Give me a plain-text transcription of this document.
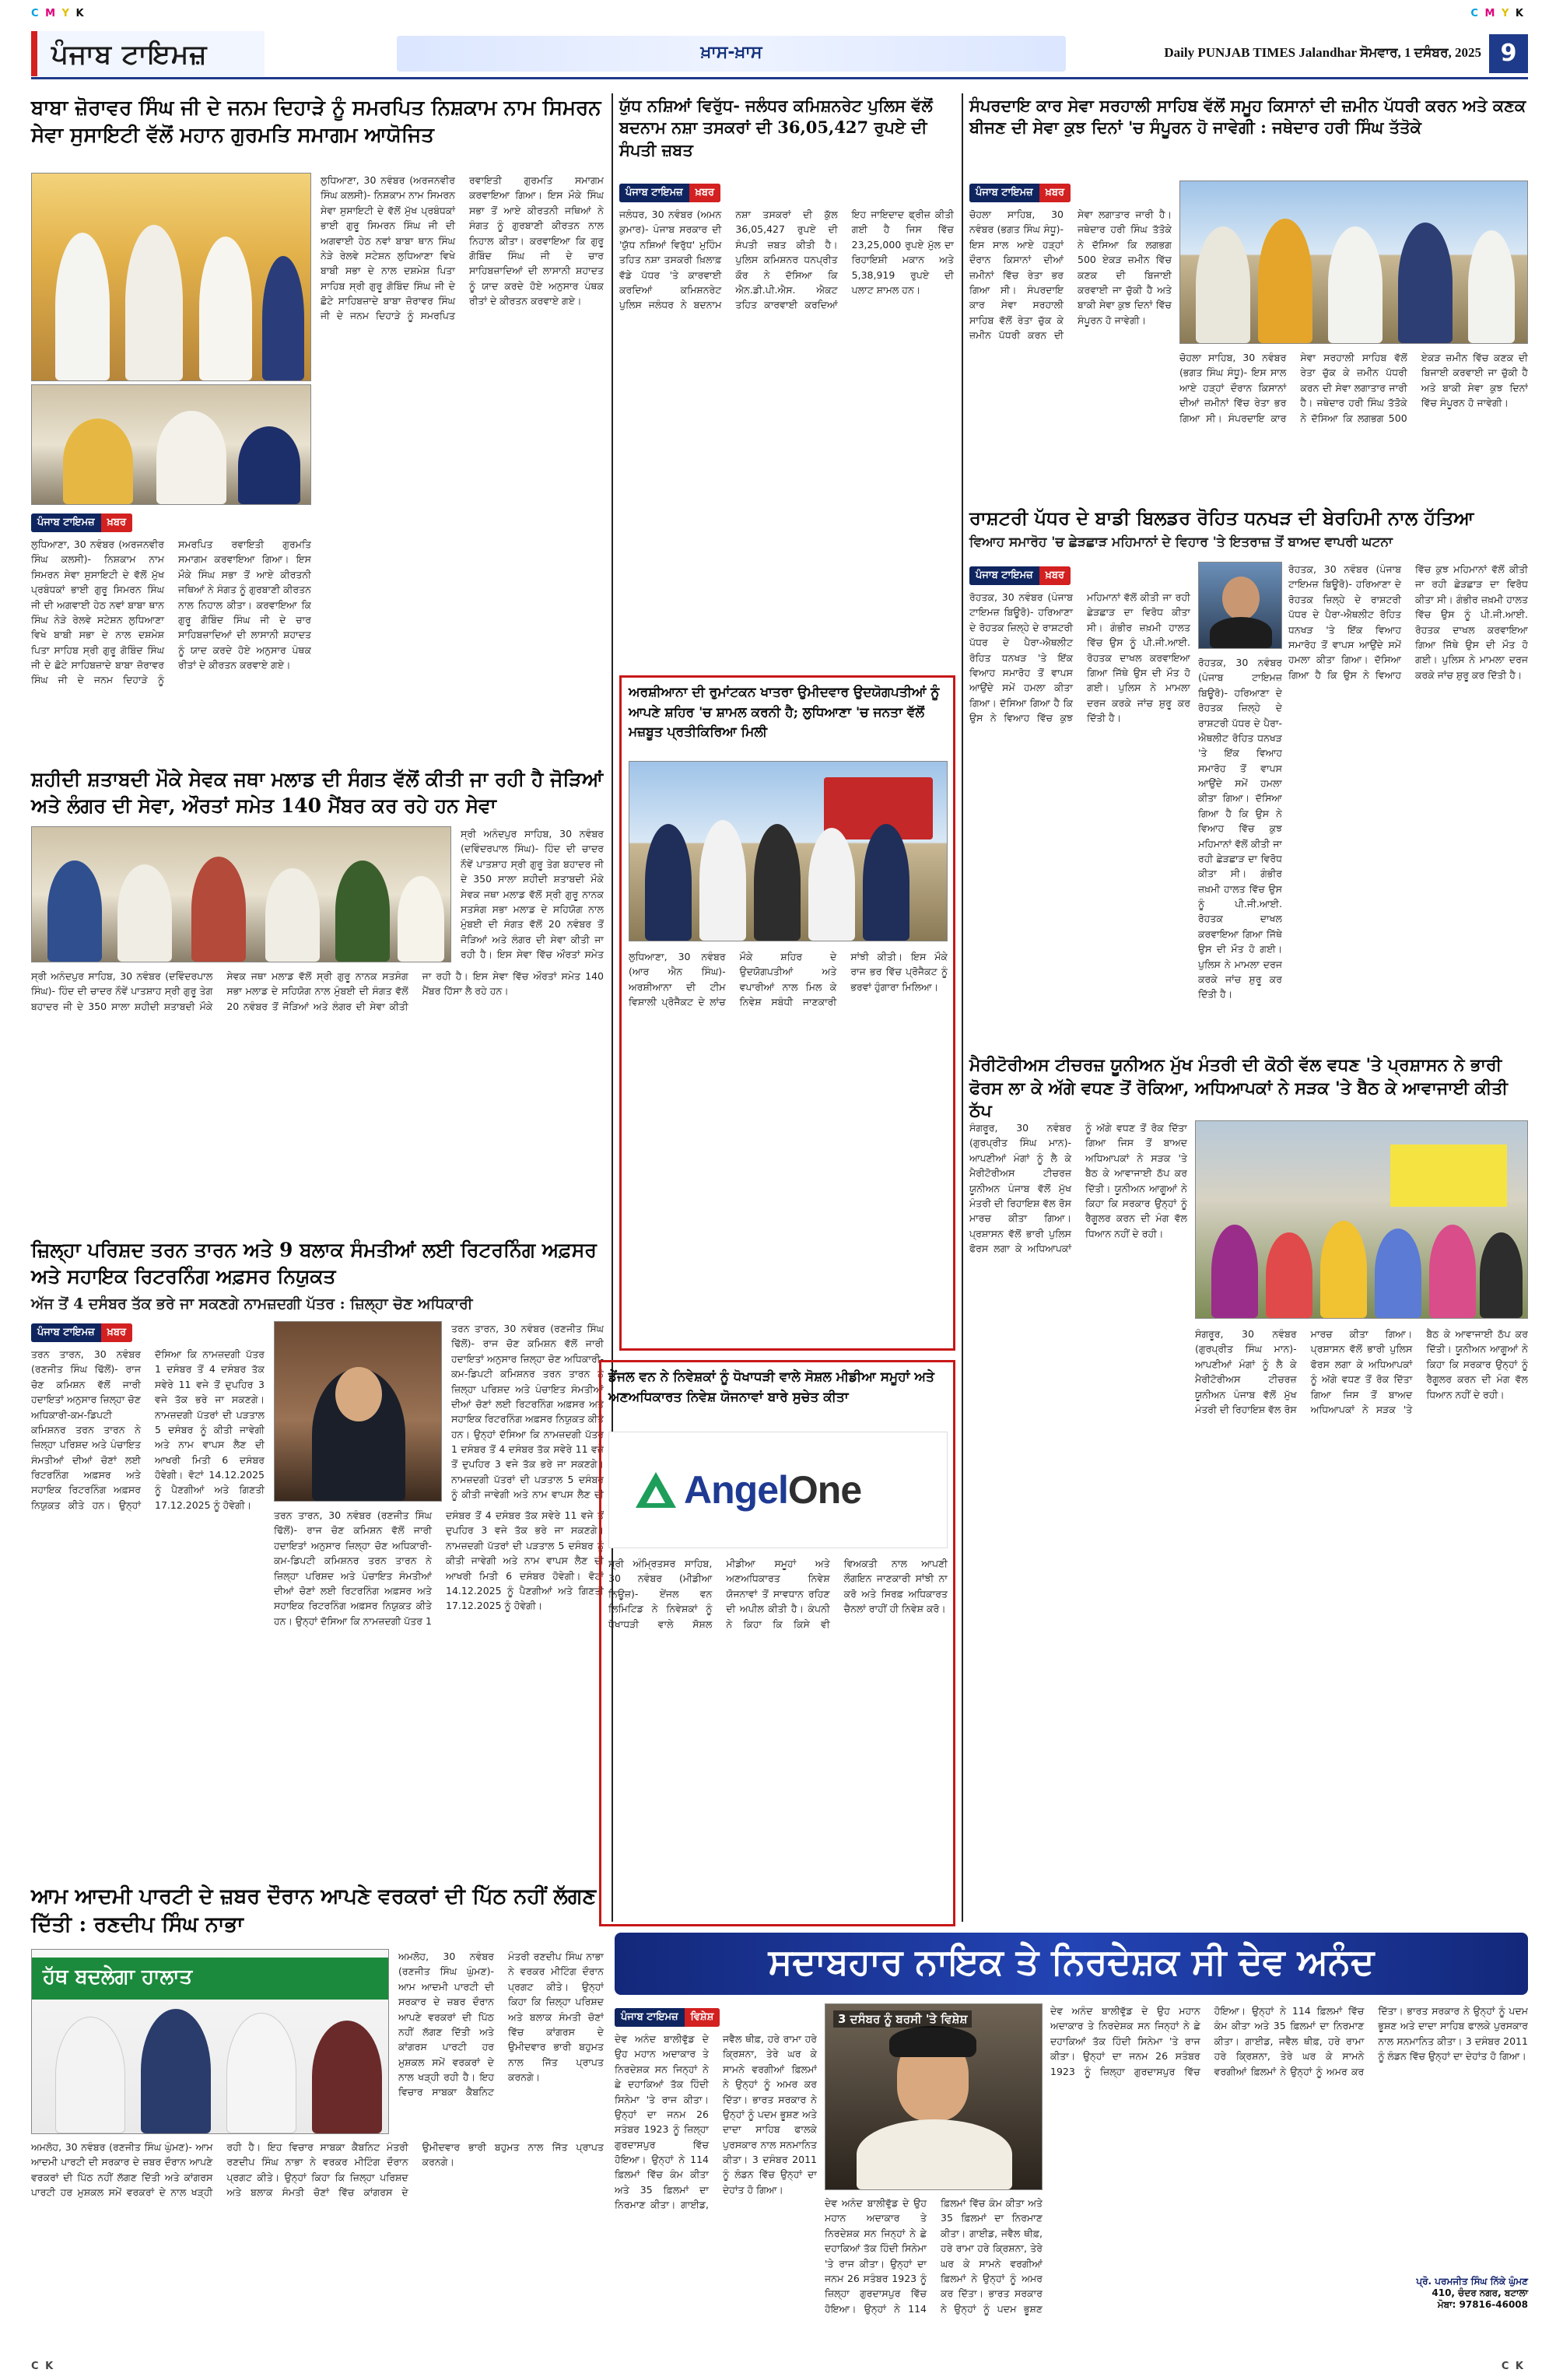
C M Y K	C M Y K
C K	C K
ਪੰਜਾਬ ਟਾਇਮਜ਼	ਖ਼ਾਸ-ਖ਼ਾਸ	Daily PUNJAB TIMES Jalandhar ਸੋਮਵਾਰ, 1 ਦਸੰਬਰ, 2025 9
ਬਾਬਾ ਜ਼ੋਰਾਵਰ ਸਿੰਘ ਜੀ ਦੇ ਜਨਮ ਦਿਹਾੜੇ ਨੂੰ ਸਮਰਪਿਤ ਨਿਸ਼ਕਾਮ ਨਾਮ ਸਿਮਰਨ ਸੇਵਾ ਸੁਸਾਇਟੀ ਵੱਲੋਂ ਮਹਾਨ ਗੁਰਮਤਿ ਸਮਾਗਮ ਆਯੋਜਿਤ
ਪੰਜਾਬ ਟਾਇਮਜ਼	ਖ਼ਬਰ
ਲੁਧਿਆਣਾ, 30 ਨਵੰਬਰ (ਅਰਜਨਵੀਰ ਸਿੰਘ ਕਲਸੀ)- ਨਿਸ਼ਕਾਮ ਨਾਮ ਸਿਮਰਨ ਸੇਵਾ ਸੁਸਾਇਟੀ ਦੇ ਵੱਲੋਂ ਮੁੱਖ ਪ੍ਰਬੰਧਕਾਂ ਭਾਈ ਗੁਰੂ ਸਿਮਰਨ ਸਿੰਘ ਜੀ ਦੀ ਅਗਵਾਈ ਹੇਠ ਨਵਾਂ ਬਾਬਾ ਥਾਨ ਸਿੰਘ ਨੇੜੇ ਰੇਲਵੇ ਸਟੇਸ਼ਨ ਲੁਧਿਆਣਾ ਵਿਖੇ ਬਾਬੀ ਸਭਾ ਦੇ ਨਾਲ ਦਸ਼ਮੇਸ਼ ਪਿਤਾ ਸਾਹਿਬ ਸ੍ਰੀ ਗੁਰੂ ਗੋਬਿੰਦ ਸਿੰਘ ਜੀ ਦੇ ਛੋਟੇ ਸਾਹਿਬਜ਼ਾਦੇ ਬਾਬਾ ਜ਼ੋਰਾਵਰ ਸਿੰਘ ਜੀ ਦੇ ਜਨਮ ਦਿਹਾੜੇ ਨੂੰ ਸਮਰਪਿਤ ਰਵਾਇਤੀ ਗੁਰਮਤਿ ਸਮਾਗਮ ਕਰਵਾਇਆ ਗਿਆ। ਇਸ ਮੌਕੇ ਸਿੰਘ ਸਭਾ ਤੋਂ ਆਏ ਕੀਰਤਨੀ ਜਥਿਆਂ ਨੇ ਸੰਗਤ ਨੂੰ ਗੁਰਬਾਣੀ ਕੀਰਤਨ ਨਾਲ ਨਿਹਾਲ ਕੀਤਾ। ਕਰਵਾਇਆ ਕਿ ਗੁਰੂ ਗੋਬਿੰਦ ਸਿੰਘ ਜੀ ਦੇ ਚਾਰ ਸਾਹਿਬਜ਼ਾਦਿਆਂ ਦੀ ਲਾਸਾਨੀ ਸ਼ਹਾਦਤ ਨੂੰ ਯਾਦ ਕਰਦੇ ਹੋਏ ਅਨੁਸਾਰ ਪੰਥਕ ਰੀਤਾਂ ਦੇ ਕੀਰਤਨ ਕਰਵਾਏ ਗਏ।
ਲੁਧਿਆਣਾ, 30 ਨਵੰਬਰ (ਅਰਜਨਵੀਰ ਸਿੰਘ ਕਲਸੀ)- ਨਿਸ਼ਕਾਮ ਨਾਮ ਸਿਮਰਨ ਸੇਵਾ ਸੁਸਾਇਟੀ ਦੇ ਵੱਲੋਂ ਮੁੱਖ ਪ੍ਰਬੰਧਕਾਂ ਭਾਈ ਗੁਰੂ ਸਿਮਰਨ ਸਿੰਘ ਜੀ ਦੀ ਅਗਵਾਈ ਹੇਠ ਨਵਾਂ ਬਾਬਾ ਥਾਨ ਸਿੰਘ ਨੇੜੇ ਰੇਲਵੇ ਸਟੇਸ਼ਨ ਲੁਧਿਆਣਾ ਵਿਖੇ ਬਾਬੀ ਸਭਾ ਦੇ ਨਾਲ ਦਸ਼ਮੇਸ਼ ਪਿਤਾ ਸਾਹਿਬ ਸ੍ਰੀ ਗੁਰੂ ਗੋਬਿੰਦ ਸਿੰਘ ਜੀ ਦੇ ਛੋਟੇ ਸਾਹਿਬਜ਼ਾਦੇ ਬਾਬਾ ਜ਼ੋਰਾਵਰ ਸਿੰਘ ਜੀ ਦੇ ਜਨਮ ਦਿਹਾੜੇ ਨੂੰ ਸਮਰਪਿਤ ਰਵਾਇਤੀ ਗੁਰਮਤਿ ਸਮਾਗਮ ਕਰਵਾਇਆ ਗਿਆ। ਇਸ ਮੌਕੇ ਸਿੰਘ ਸਭਾ ਤੋਂ ਆਏ ਕੀਰਤਨੀ ਜਥਿਆਂ ਨੇ ਸੰਗਤ ਨੂੰ ਗੁਰਬਾਣੀ ਕੀਰਤਨ ਨਾਲ ਨਿਹਾਲ ਕੀਤਾ। ਕਰਵਾਇਆ ਕਿ ਗੁਰੂ ਗੋਬਿੰਦ ਸਿੰਘ ਜੀ ਦੇ ਚਾਰ ਸਾਹਿਬਜ਼ਾਦਿਆਂ ਦੀ ਲਾਸਾਨੀ ਸ਼ਹਾਦਤ ਨੂੰ ਯਾਦ ਕਰਦੇ ਹੋਏ ਅਨੁਸਾਰ ਪੰਥਕ ਰੀਤਾਂ ਦੇ ਕੀਰਤਨ ਕਰਵਾਏ ਗਏ।
ਸ਼ਹੀਦੀ ਸ਼ਤਾਬਦੀ ਮੌਕੇ ਸੇਵਕ ਜਥਾ ਮਲਾਡ ਦੀ ਸੰਗਤ ਵੱਲੋਂ ਕੀਤੀ ਜਾ ਰਹੀ ਹੈ ਜੋੜਿਆਂ ਅਤੇ ਲੰਗਰ ਦੀ ਸੇਵਾ, ਔਰਤਾਂ ਸਮੇਤ 140 ਮੈਂਬਰ ਕਰ ਰਹੇ ਹਨ ਸੇਵਾ
ਸ੍ਰੀ ਅਨੰਦਪੁਰ ਸਾਹਿਬ, 30 ਨਵੰਬਰ (ਦਵਿੰਦਰਪਾਲ ਸਿੰਘ)- ਹਿੰਦ ਦੀ ਚਾਦਰ ਨੌਵੇਂ ਪਾਤਸ਼ਾਹ ਸ੍ਰੀ ਗੁਰੂ ਤੇਗ ਬਹਾਦਰ ਜੀ ਦੇ 350 ਸਾਲਾ ਸ਼ਹੀਦੀ ਸ਼ਤਾਬਦੀ ਮੌਕੇ ਸੇਵਕ ਜਥਾ ਮਲਾਡ ਵੱਲੋਂ ਸ੍ਰੀ ਗੁਰੂ ਨਾਨਕ ਸਤਸੰਗ ਸਭਾ ਮਲਾਡ ਦੇ ਸਹਿਯੋਗ ਨਾਲ ਮੁੰਬਈ ਦੀ ਸੰਗਤ ਵੱਲੋਂ 20 ਨਵੰਬਰ ਤੋਂ ਜੋੜਿਆਂ ਅਤੇ ਲੰਗਰ ਦੀ ਸੇਵਾ ਕੀਤੀ ਜਾ ਰਹੀ ਹੈ। ਇਸ ਸੇਵਾ ਵਿੱਚ ਔਰਤਾਂ ਸਮੇਤ
ਸ੍ਰੀ ਅਨੰਦਪੁਰ ਸਾਹਿਬ, 30 ਨਵੰਬਰ (ਦਵਿੰਦਰਪਾਲ ਸਿੰਘ)- ਹਿੰਦ ਦੀ ਚਾਦਰ ਨੌਵੇਂ ਪਾਤਸ਼ਾਹ ਸ੍ਰੀ ਗੁਰੂ ਤੇਗ ਬਹਾਦਰ ਜੀ ਦੇ 350 ਸਾਲਾ ਸ਼ਹੀਦੀ ਸ਼ਤਾਬਦੀ ਮੌਕੇ ਸੇਵਕ ਜਥਾ ਮਲਾਡ ਵੱਲੋਂ ਸ੍ਰੀ ਗੁਰੂ ਨਾਨਕ ਸਤਸੰਗ ਸਭਾ ਮਲਾਡ ਦੇ ਸਹਿਯੋਗ ਨਾਲ ਮੁੰਬਈ ਦੀ ਸੰਗਤ ਵੱਲੋਂ 20 ਨਵੰਬਰ ਤੋਂ ਜੋੜਿਆਂ ਅਤੇ ਲੰਗਰ ਦੀ ਸੇਵਾ ਕੀਤੀ ਜਾ ਰਹੀ ਹੈ। ਇਸ ਸੇਵਾ ਵਿੱਚ ਔਰਤਾਂ ਸਮੇਤ 140 ਮੈਂਬਰ ਹਿੱਸਾ ਲੈ ਰਹੇ ਹਨ।
ਜ਼ਿਲ੍ਹਾ ਪਰਿਸ਼ਦ ਤਰਨ ਤਾਰਨ ਅਤੇ 9 ਬਲਾਕ ਸੰਮਤੀਆਂ ਲਈ ਰਿਟਰਨਿੰਗ ਅਫ਼ਸਰ ਅਤੇ ਸਹਾਇਕ ਰਿਟਰਨਿੰਗ ਅਫ਼ਸਰ ਨਿਯੁਕਤ
ਅੱਜ ਤੋਂ 4 ਦਸੰਬਰ ਤੱਕ ਭਰੇ ਜਾ ਸਕਣਗੇ ਨਾਮਜ਼ਦਗੀ ਪੱਤਰ : ਜ਼ਿਲ੍ਹਾ ਚੋਣ ਅਧਿਕਾਰੀ
ਪੰਜਾਬ ਟਾਇਮਜ਼	ਖ਼ਬਰ
ਤਰਨ ਤਾਰਨ, 30 ਨਵੰਬਰ (ਰਣਜੀਤ ਸਿੰਘ ਢਿੱਲੋਂ)- ਰਾਜ ਚੋਣ ਕਮਿਸ਼ਨ ਵੱਲੋਂ ਜਾਰੀ ਹਦਾਇਤਾਂ ਅਨੁਸਾਰ ਜ਼ਿਲ੍ਹਾ ਚੋਣ ਅਧਿਕਾਰੀ-ਕਮ-ਡਿਪਟੀ ਕਮਿਸ਼ਨਰ ਤਰਨ ਤਾਰਨ ਨੇ ਜ਼ਿਲ੍ਹਾ ਪਰਿਸ਼ਦ ਅਤੇ ਪੰਚਾਇਤ ਸੰਮਤੀਆਂ ਦੀਆਂ ਚੋਣਾਂ ਲਈ ਰਿਟਰਨਿੰਗ ਅਫ਼ਸਰ ਅਤੇ ਸਹਾਇਕ ਰਿਟਰਨਿੰਗ ਅਫ਼ਸਰ ਨਿਯੁਕਤ ਕੀਤੇ ਹਨ। ਉਨ੍ਹਾਂ ਦੱਸਿਆ ਕਿ ਨਾਮਜ਼ਦਗੀ ਪੱਤਰ 1 ਦਸੰਬਰ ਤੋਂ 4 ਦਸੰਬਰ ਤੱਕ ਸਵੇਰੇ 11 ਵਜੇ ਤੋਂ ਦੁਪਹਿਰ 3 ਵਜੇ ਤੱਕ ਭਰੇ ਜਾ ਸਕਣਗੇ। ਨਾਮਜ਼ਦਗੀ ਪੱਤਰਾਂ ਦੀ ਪੜਤਾਲ 5 ਦਸੰਬਰ ਨੂੰ ਕੀਤੀ ਜਾਵੇਗੀ ਅਤੇ ਨਾਮ ਵਾਪਸ ਲੈਣ ਦੀ ਆਖਰੀ ਮਿਤੀ 6 ਦਸੰਬਰ ਹੋਵੇਗੀ। ਵੋਟਾਂ 14.12.2025 ਨੂੰ ਪੈਣਗੀਆਂ ਅਤੇ ਗਿਣਤੀ 17.12.2025 ਨੂੰ ਹੋਵੇਗੀ।
ਤਰਨ ਤਾਰਨ, 30 ਨਵੰਬਰ (ਰਣਜੀਤ ਸਿੰਘ ਢਿੱਲੋਂ)- ਰਾਜ ਚੋਣ ਕਮਿਸ਼ਨ ਵੱਲੋਂ ਜਾਰੀ ਹਦਾਇਤਾਂ ਅਨੁਸਾਰ ਜ਼ਿਲ੍ਹਾ ਚੋਣ ਅਧਿਕਾਰੀ-ਕਮ-ਡਿਪਟੀ ਕਮਿਸ਼ਨਰ ਤਰਨ ਤਾਰਨ ਨੇ ਜ਼ਿਲ੍ਹਾ ਪਰਿਸ਼ਦ ਅਤੇ ਪੰਚਾਇਤ ਸੰਮਤੀਆਂ ਦੀਆਂ ਚੋਣਾਂ ਲਈ ਰਿਟਰਨਿੰਗ ਅਫ਼ਸਰ ਅਤੇ ਸਹਾਇਕ ਰਿਟਰਨਿੰਗ ਅਫ਼ਸਰ ਨਿਯੁਕਤ ਕੀਤੇ ਹਨ। ਉਨ੍ਹਾਂ ਦੱਸਿਆ ਕਿ ਨਾਮਜ਼ਦਗੀ ਪੱਤਰ 1 ਦਸੰਬਰ ਤੋਂ 4 ਦਸੰਬਰ ਤੱਕ ਸਵੇਰੇ 11 ਵਜੇ ਤੋਂ ਦੁਪਹਿਰ 3 ਵਜੇ ਤੱਕ ਭਰੇ ਜਾ ਸਕਣਗੇ। ਨਾਮਜ਼ਦਗੀ ਪੱਤਰਾਂ ਦੀ ਪੜਤਾਲ 5 ਦਸੰਬਰ ਨੂੰ ਕੀਤੀ ਜਾਵੇਗੀ ਅਤੇ ਨਾਮ ਵਾਪਸ ਲੈਣ ਦੀ
ਤਰਨ ਤਾਰਨ, 30 ਨਵੰਬਰ (ਰਣਜੀਤ ਸਿੰਘ ਢਿੱਲੋਂ)- ਰਾਜ ਚੋਣ ਕਮਿਸ਼ਨ ਵੱਲੋਂ ਜਾਰੀ ਹਦਾਇਤਾਂ ਅਨੁਸਾਰ ਜ਼ਿਲ੍ਹਾ ਚੋਣ ਅਧਿਕਾਰੀ-ਕਮ-ਡਿਪਟੀ ਕਮਿਸ਼ਨਰ ਤਰਨ ਤਾਰਨ ਨੇ ਜ਼ਿਲ੍ਹਾ ਪਰਿਸ਼ਦ ਅਤੇ ਪੰਚਾਇਤ ਸੰਮਤੀਆਂ ਦੀਆਂ ਚੋਣਾਂ ਲਈ ਰਿਟਰਨਿੰਗ ਅਫ਼ਸਰ ਅਤੇ ਸਹਾਇਕ ਰਿਟਰਨਿੰਗ ਅਫ਼ਸਰ ਨਿਯੁਕਤ ਕੀਤੇ ਹਨ। ਉਨ੍ਹਾਂ ਦੱਸਿਆ ਕਿ ਨਾਮਜ਼ਦਗੀ ਪੱਤਰ 1 ਦਸੰਬਰ ਤੋਂ 4 ਦਸੰਬਰ ਤੱਕ ਸਵੇਰੇ 11 ਵਜੇ ਤੋਂ ਦੁਪਹਿਰ 3 ਵਜੇ ਤੱਕ ਭਰੇ ਜਾ ਸਕਣਗੇ। ਨਾਮਜ਼ਦਗੀ ਪੱਤਰਾਂ ਦੀ ਪੜਤਾਲ 5 ਦਸੰਬਰ ਨੂੰ ਕੀਤੀ ਜਾਵੇਗੀ ਅਤੇ ਨਾਮ ਵਾਪਸ ਲੈਣ ਦੀ ਆਖਰੀ ਮਿਤੀ 6 ਦਸੰਬਰ ਹੋਵੇਗੀ। ਵੋਟਾਂ 14.12.2025 ਨੂੰ ਪੈਣਗੀਆਂ ਅਤੇ ਗਿਣਤੀ 17.12.2025 ਨੂੰ ਹੋਵੇਗੀ।
ਆਮ ਆਦਮੀ ਪਾਰਟੀ ਦੇ ਜ਼ਬਰ ਦੌਰਾਨ ਆਪਣੇ ਵਰਕਰਾਂ ਦੀ ਪਿੱਠ ਨਹੀਂ ਲੱਗਣ ਦਿੱਤੀ : ਰਣਦੀਪ ਸਿੰਘ ਨਾਭਾ
ਹੱਥ ਬਦਲੇਗਾ ਹਾਲਾਤ
ਅਮਲੋਹ, 30 ਨਵੰਬਰ (ਰਣਜੀਤ ਸਿੰਘ ਘੁੰਮਣ)- ਆਮ ਆਦਮੀ ਪਾਰਟੀ ਦੀ ਸਰਕਾਰ ਦੇ ਜ਼ਬਰ ਦੌਰਾਨ ਆਪਣੇ ਵਰਕਰਾਂ ਦੀ ਪਿੱਠ ਨਹੀਂ ਲੱਗਣ ਦਿੱਤੀ ਅਤੇ ਕਾਂਗਰਸ ਪਾਰਟੀ ਹਰ ਮੁਸ਼ਕਲ ਸਮੇਂ ਵਰਕਰਾਂ ਦੇ ਨਾਲ ਖੜ੍ਹੀ ਰਹੀ ਹੈ। ਇਹ ਵਿਚਾਰ ਸਾਬਕਾ ਕੈਬਨਿਟ ਮੰਤਰੀ ਰਣਦੀਪ ਸਿੰਘ ਨਾਭਾ ਨੇ ਵਰਕਰ ਮੀਟਿੰਗ ਦੌਰਾਨ ਪ੍ਰਗਟ ਕੀਤੇ। ਉਨ੍ਹਾਂ ਕਿਹਾ ਕਿ ਜ਼ਿਲ੍ਹਾ ਪਰਿਸ਼ਦ ਅਤੇ ਬਲਾਕ ਸੰਮਤੀ ਚੋਣਾਂ ਵਿੱਚ ਕਾਂਗਰਸ ਦੇ ਉਮੀਦਵਾਰ ਭਾਰੀ ਬਹੁਮਤ ਨਾਲ ਜਿੱਤ ਪ੍ਰਾਪਤ ਕਰਨਗੇ।
ਅਮਲੋਹ, 30 ਨਵੰਬਰ (ਰਣਜੀਤ ਸਿੰਘ ਘੁੰਮਣ)- ਆਮ ਆਦਮੀ ਪਾਰਟੀ ਦੀ ਸਰਕਾਰ ਦੇ ਜ਼ਬਰ ਦੌਰਾਨ ਆਪਣੇ ਵਰਕਰਾਂ ਦੀ ਪਿੱਠ ਨਹੀਂ ਲੱਗਣ ਦਿੱਤੀ ਅਤੇ ਕਾਂਗਰਸ ਪਾਰਟੀ ਹਰ ਮੁਸ਼ਕਲ ਸਮੇਂ ਵਰਕਰਾਂ ਦੇ ਨਾਲ ਖੜ੍ਹੀ ਰਹੀ ਹੈ। ਇਹ ਵਿਚਾਰ ਸਾਬਕਾ ਕੈਬਨਿਟ ਮੰਤਰੀ ਰਣਦੀਪ ਸਿੰਘ ਨਾਭਾ ਨੇ ਵਰਕਰ ਮੀਟਿੰਗ ਦੌਰਾਨ ਪ੍ਰਗਟ ਕੀਤੇ। ਉਨ੍ਹਾਂ ਕਿਹਾ ਕਿ ਜ਼ਿਲ੍ਹਾ ਪਰਿਸ਼ਦ ਅਤੇ ਬਲਾਕ ਸੰਮਤੀ ਚੋਣਾਂ ਵਿੱਚ ਕਾਂਗਰਸ ਦੇ ਉਮੀਦਵਾਰ ਭਾਰੀ ਬਹੁਮਤ ਨਾਲ ਜਿੱਤ ਪ੍ਰਾਪਤ ਕਰਨਗੇ।
ਯੁੱਧ ਨਸ਼ਿਆਂ ਵਿਰੁੱਧ- ਜਲੰਧਰ ਕਮਿਸ਼ਨਰੇਟ ਪੁਲਿਸ ਵੱਲੋਂ ਬਦਨਾਮ ਨਸ਼ਾ ਤਸਕਰਾਂ ਦੀ 36,05,427 ਰੁਪਏ ਦੀ ਸੰਪਤੀ ਜ਼ਬਤ
ਪੰਜਾਬ ਟਾਇਮਜ਼	ਖ਼ਬਰ
ਜਲੰਧਰ, 30 ਨਵੰਬਰ (ਅਮਨ ਕੁਮਾਰ)- ਪੰਜਾਬ ਸਰਕਾਰ ਦੀ 'ਯੁੱਧ ਨਸ਼ਿਆਂ ਵਿਰੁੱਧ' ਮੁਹਿੰਮ ਤਹਿਤ ਨਸ਼ਾ ਤਸਕਰੀ ਖ਼ਿਲਾਫ਼ ਵੱਡੇ ਪੱਧਰ 'ਤੇ ਕਾਰਵਾਈ ਕਰਦਿਆਂ ਕਮਿਸ਼ਨਰੇਟ ਪੁਲਿਸ ਜਲੰਧਰ ਨੇ ਬਦਨਾਮ ਨਸ਼ਾ ਤਸਕਰਾਂ ਦੀ ਕੁੱਲ 36,05,427 ਰੁਪਏ ਦੀ ਸੰਪਤੀ ਜ਼ਬਤ ਕੀਤੀ ਹੈ। ਪੁਲਿਸ ਕਮਿਸ਼ਨਰ ਧਨਪ੍ਰੀਤ ਕੌਰ ਨੇ ਦੱਸਿਆ ਕਿ ਐਨ.ਡੀ.ਪੀ.ਐਸ. ਐਕਟ ਤਹਿਤ ਕਾਰਵਾਈ ਕਰਦਿਆਂ ਇਹ ਜਾਇਦਾਦ ਫ੍ਰੀਜ਼ ਕੀਤੀ ਗਈ ਹੈ ਜਿਸ ਵਿੱਚ 23,25,000 ਰੁਪਏ ਮੁੱਲ ਦਾ ਰਿਹਾਇਸ਼ੀ ਮਕਾਨ ਅਤੇ 5,38,919 ਰੁਪਏ ਦੀ ਪਲਾਟ ਸ਼ਾਮਲ ਹਨ।
ਅਰਸ਼ੀਆਨਾ ਦੀ ਰੁਮਾਂਟਕਨ ਖਾਤਰਾ ਉਮੀਦਵਾਰ ਉਦਯੋਗਪਤੀਆਂ ਨੂੰ ਆਪਣੇ ਸ਼ਹਿਰ 'ਚ ਸ਼ਾਮਲ ਕਰਨੀ ਹੈ; ਲੁਧਿਆਣਾ 'ਚ ਜਨਤਾ ਵੱਲੋਂ ਮਜ਼ਬੂਤ ਪ੍ਰਤੀਕਿਰਿਆ ਮਿਲੀ
ਲੁਧਿਆਣਾ, 30 ਨਵੰਬਰ (ਆਰ ਐਨ ਸਿੰਘ)- ਅਰਸ਼ੀਆਨਾ ਦੀ ਟੀਮ ਵਿਸ਼ਾਲੀ ਪ੍ਰੋਜੈਕਟ ਦੇ ਲਾਂਚ ਮੌਕੇ ਸ਼ਹਿਰ ਦੇ ਉਦਯੋਗਪਤੀਆਂ ਅਤੇ ਵਪਾਰੀਆਂ ਨਾਲ ਮਿਲ ਕੇ ਨਿਵੇਸ਼ ਸਬੰਧੀ ਜਾਣਕਾਰੀ ਸਾਂਝੀ ਕੀਤੀ। ਇਸ ਮੌਕੇ ਰਾਜ ਭਰ ਵਿੱਚ ਪ੍ਰੋਜੈਕਟ ਨੂੰ ਭਰਵਾਂ ਹੁੰਗਾਰਾ ਮਿਲਿਆ।
ਡੇਂਜਲ ਵਨ ਨੇ ਨਿਵੇਸ਼ਕਾਂ ਨੂੰ ਧੋਖਾਧੜੀ ਵਾਲੇ ਸੋਸ਼ਲ ਮੀਡੀਆ ਸਮੂਹਾਂ ਅਤੇ ਅਣਅਧਿਕਾਰਤ ਨਿਵੇਸ਼ ਯੋਜਨਾਵਾਂ ਬਾਰੇ ਸੁਚੇਤ ਕੀਤਾ
AngelOne
ਸ੍ਰੀ ਅੰਮ੍ਰਿਤਸਰ ਸਾਹਿਬ, 30 ਨਵੰਬਰ (ਮੀਡੀਆ ਨਿਊਜ਼)- ਏਂਜਲ ਵਨ ਲਿਮਿਟਿਡ ਨੇ ਨਿਵੇਸ਼ਕਾਂ ਨੂੰ ਧੋਖਾਧੜੀ ਵਾਲੇ ਸੋਸ਼ਲ ਮੀਡੀਆ ਸਮੂਹਾਂ ਅਤੇ ਅਣਅਧਿਕਾਰਤ ਨਿਵੇਸ਼ ਯੋਜਨਾਵਾਂ ਤੋਂ ਸਾਵਧਾਨ ਰਹਿਣ ਦੀ ਅਪੀਲ ਕੀਤੀ ਹੈ। ਕੰਪਨੀ ਨੇ ਕਿਹਾ ਕਿ ਕਿਸੇ ਵੀ ਵਿਅਕਤੀ ਨਾਲ ਆਪਣੀ ਲੌਗਇਨ ਜਾਣਕਾਰੀ ਸਾਂਝੀ ਨਾ ਕਰੋ ਅਤੇ ਸਿਰਫ਼ ਅਧਿਕਾਰਤ ਚੈਨਲਾਂ ਰਾਹੀਂ ਹੀ ਨਿਵੇਸ਼ ਕਰੋ।
ਸੰਪਰਦਾਇ ਕਾਰ ਸੇਵਾ ਸਰਹਾਲੀ ਸਾਹਿਬ ਵੱਲੋਂ ਸਮੂਹ ਕਿਸਾਨਾਂ ਦੀ ਜ਼ਮੀਨ ਪੱਧਰੀ ਕਰਨ ਅਤੇ ਕਣਕ ਬੀਜਣ ਦੀ ਸੇਵਾ ਕੁਝ ਦਿਨਾਂ 'ਚ ਸੰਪੂਰਨ ਹੋ ਜਾਵੇਗੀ : ਜਥੇਦਾਰ ਹਰੀ ਸਿੰਘ ਤੱਤੋਕੇ
ਪੰਜਾਬ ਟਾਇਮਜ਼	ਖ਼ਬਰ
ਚੋਹਲਾ ਸਾਹਿਬ, 30 ਨਵੰਬਰ (ਭਗਤ ਸਿੰਘ ਸੰਧੂ)- ਇਸ ਸਾਲ ਆਏ ਹੜ੍ਹਾਂ ਦੌਰਾਨ ਕਿਸਾਨਾਂ ਦੀਆਂ ਜ਼ਮੀਨਾਂ ਵਿੱਚ ਰੇਤਾ ਭਰ ਗਿਆ ਸੀ। ਸੰਪਰਦਾਇ ਕਾਰ ਸੇਵਾ ਸਰਹਾਲੀ ਸਾਹਿਬ ਵੱਲੋਂ ਰੇਤਾ ਚੁੱਕ ਕੇ ਜ਼ਮੀਨ ਪੱਧਰੀ ਕਰਨ ਦੀ ਸੇਵਾ ਲਗਾਤਾਰ ਜਾਰੀ ਹੈ। ਜਥੇਦਾਰ ਹਰੀ ਸਿੰਘ ਤੱਤੋਕੇ ਨੇ ਦੱਸਿਆ ਕਿ ਲਗਭਗ 500 ਏਕੜ ਜ਼ਮੀਨ ਵਿੱਚ ਕਣਕ ਦੀ ਬਿਜਾਈ ਕਰਵਾਈ ਜਾ ਚੁੱਕੀ ਹੈ ਅਤੇ ਬਾਕੀ ਸੇਵਾ ਕੁਝ ਦਿਨਾਂ ਵਿੱਚ ਸੰਪੂਰਨ ਹੋ ਜਾਵੇਗੀ।
ਚੋਹਲਾ ਸਾਹਿਬ, 30 ਨਵੰਬਰ (ਭਗਤ ਸਿੰਘ ਸੰਧੂ)- ਇਸ ਸਾਲ ਆਏ ਹੜ੍ਹਾਂ ਦੌਰਾਨ ਕਿਸਾਨਾਂ ਦੀਆਂ ਜ਼ਮੀਨਾਂ ਵਿੱਚ ਰੇਤਾ ਭਰ ਗਿਆ ਸੀ। ਸੰਪਰਦਾਇ ਕਾਰ ਸੇਵਾ ਸਰਹਾਲੀ ਸਾਹਿਬ ਵੱਲੋਂ ਰੇਤਾ ਚੁੱਕ ਕੇ ਜ਼ਮੀਨ ਪੱਧਰੀ ਕਰਨ ਦੀ ਸੇਵਾ ਲਗਾਤਾਰ ਜਾਰੀ ਹੈ। ਜਥੇਦਾਰ ਹਰੀ ਸਿੰਘ ਤੱਤੋਕੇ ਨੇ ਦੱਸਿਆ ਕਿ ਲਗਭਗ 500 ਏਕੜ ਜ਼ਮੀਨ ਵਿੱਚ ਕਣਕ ਦੀ ਬਿਜਾਈ ਕਰਵਾਈ ਜਾ ਚੁੱਕੀ ਹੈ ਅਤੇ ਬਾਕੀ ਸੇਵਾ ਕੁਝ ਦਿਨਾਂ ਵਿੱਚ ਸੰਪੂਰਨ ਹੋ ਜਾਵੇਗੀ।
ਰਾਸ਼ਟਰੀ ਪੱਧਰ ਦੇ ਬਾਡੀ ਬਿਲਡਰ ਰੋਹਿਤ ਧਨਖੜ ਦੀ ਬੇਰਹਿਮੀ ਨਾਲ ਹੱਤਿਆ
ਵਿਆਹ ਸਮਾਰੋਹ 'ਚ ਛੇੜਛਾੜ ਮਹਿਮਾਨਾਂ ਦੇ ਵਿਹਾਰ 'ਤੇ ਇਤਰਾਜ਼ ਤੋਂ ਬਾਅਦ ਵਾਪਰੀ ਘਟਨਾ
ਪੰਜਾਬ ਟਾਇਮਜ਼	ਖ਼ਬਰ
ਰੋਹਤਕ, 30 ਨਵੰਬਰ (ਪੰਜਾਬ ਟਾਇਮਜ਼ ਬਿਊਰੋ)- ਹਰਿਆਣਾ ਦੇ ਰੋਹਤਕ ਜ਼ਿਲ੍ਹੇ ਦੇ ਰਾਸ਼ਟਰੀ ਪੱਧਰ ਦੇ ਪੈਰਾ-ਐਥਲੀਟ ਰੋਹਿਤ ਧਨਖੜ 'ਤੇ ਇੱਕ ਵਿਆਹ ਸਮਾਰੋਹ ਤੋਂ ਵਾਪਸ ਆਉਂਦੇ ਸਮੇਂ ਹਮਲਾ ਕੀਤਾ ਗਿਆ। ਦੱਸਿਆ ਗਿਆ ਹੈ ਕਿ ਉਸ ਨੇ ਵਿਆਹ ਵਿੱਚ ਕੁਝ ਮਹਿਮਾਨਾਂ ਵੱਲੋਂ ਕੀਤੀ ਜਾ ਰਹੀ ਛੇੜਛਾੜ ਦਾ ਵਿਰੋਧ ਕੀਤਾ ਸੀ। ਗੰਭੀਰ ਜ਼ਖ਼ਮੀ ਹਾਲਤ ਵਿੱਚ ਉਸ ਨੂੰ ਪੀ.ਜੀ.ਆਈ. ਰੋਹਤਕ ਦਾਖਲ ਕਰਵਾਇਆ ਗਿਆ ਜਿੱਥੇ ਉਸ ਦੀ ਮੌਤ ਹੋ ਗਈ। ਪੁਲਿਸ ਨੇ ਮਾਮਲਾ ਦਰਜ ਕਰਕੇ ਜਾਂਚ ਸ਼ੁਰੂ ਕਰ ਦਿੱਤੀ ਹੈ।
ਰੋਹਤਕ, 30 ਨਵੰਬਰ (ਪੰਜਾਬ ਟਾਇਮਜ਼ ਬਿਊਰੋ)- ਹਰਿਆਣਾ ਦੇ ਰੋਹਤਕ ਜ਼ਿਲ੍ਹੇ ਦੇ ਰਾਸ਼ਟਰੀ ਪੱਧਰ ਦੇ ਪੈਰਾ-ਐਥਲੀਟ ਰੋਹਿਤ ਧਨਖੜ 'ਤੇ ਇੱਕ ਵਿਆਹ ਸਮਾਰੋਹ ਤੋਂ ਵਾਪਸ ਆਉਂਦੇ ਸਮੇਂ ਹਮਲਾ ਕੀਤਾ ਗਿਆ। ਦੱਸਿਆ ਗਿਆ ਹੈ ਕਿ ਉਸ ਨੇ ਵਿਆਹ ਵਿੱਚ ਕੁਝ ਮਹਿਮਾਨਾਂ ਵੱਲੋਂ ਕੀਤੀ ਜਾ ਰਹੀ ਛੇੜਛਾੜ ਦਾ ਵਿਰੋਧ ਕੀਤਾ ਸੀ। ਗੰਭੀਰ ਜ਼ਖ਼ਮੀ ਹਾਲਤ ਵਿੱਚ ਉਸ ਨੂੰ ਪੀ.ਜੀ.ਆਈ. ਰੋਹਤਕ ਦਾਖਲ ਕਰਵਾਇਆ ਗਿਆ ਜਿੱਥੇ ਉਸ ਦੀ ਮੌਤ ਹੋ ਗਈ। ਪੁਲਿਸ ਨੇ ਮਾਮਲਾ ਦਰਜ ਕਰਕੇ ਜਾਂਚ ਸ਼ੁਰੂ ਕਰ ਦਿੱਤੀ ਹੈ।
ਰੋਹਤਕ, 30 ਨਵੰਬਰ (ਪੰਜਾਬ ਟਾਇਮਜ਼ ਬਿਊਰੋ)- ਹਰਿਆਣਾ ਦੇ ਰੋਹਤਕ ਜ਼ਿਲ੍ਹੇ ਦੇ ਰਾਸ਼ਟਰੀ ਪੱਧਰ ਦੇ ਪੈਰਾ-ਐਥਲੀਟ ਰੋਹਿਤ ਧਨਖੜ 'ਤੇ ਇੱਕ ਵਿਆਹ ਸਮਾਰੋਹ ਤੋਂ ਵਾਪਸ ਆਉਂਦੇ ਸਮੇਂ ਹਮਲਾ ਕੀਤਾ ਗਿਆ। ਦੱਸਿਆ ਗਿਆ ਹੈ ਕਿ ਉਸ ਨੇ ਵਿਆਹ ਵਿੱਚ ਕੁਝ ਮਹਿਮਾਨਾਂ ਵੱਲੋਂ ਕੀਤੀ ਜਾ ਰਹੀ ਛੇੜਛਾੜ ਦਾ ਵਿਰੋਧ ਕੀਤਾ ਸੀ। ਗੰਭੀਰ ਜ਼ਖ਼ਮੀ ਹਾਲਤ ਵਿੱਚ ਉਸ ਨੂੰ ਪੀ.ਜੀ.ਆਈ. ਰੋਹਤਕ ਦਾਖਲ ਕਰਵਾਇਆ ਗਿਆ ਜਿੱਥੇ ਉਸ ਦੀ ਮੌਤ ਹੋ ਗਈ। ਪੁਲਿਸ ਨੇ ਮਾਮਲਾ ਦਰਜ ਕਰਕੇ ਜਾਂਚ ਸ਼ੁਰੂ ਕਰ ਦਿੱਤੀ ਹੈ।
ਮੈਰੀਟੋਰੀਅਸ ਟੀਚਰਜ਼ ਯੂਨੀਅਨ ਮੁੱਖ ਮੰਤਰੀ ਦੀ ਕੋਠੀ ਵੱਲ ਵਧਣ 'ਤੇ ਪ੍ਰਸ਼ਾਸਨ ਨੇ ਭਾਰੀ ਫੋਰਸ ਲਾ ਕੇ ਅੱਗੇ ਵਧਣ ਤੋਂ ਰੋਕਿਆ, ਅਧਿਆਪਕਾਂ ਨੇ ਸੜਕ 'ਤੇ ਬੈਠ ਕੇ ਆਵਾਜਾਈ ਕੀਤੀ ਠੱਪ
ਸੰਗਰੂਰ, 30 ਨਵੰਬਰ (ਗੁਰਪ੍ਰੀਤ ਸਿੰਘ ਮਾਨ)- ਆਪਣੀਆਂ ਮੰਗਾਂ ਨੂੰ ਲੈ ਕੇ ਮੈਰੀਟੋਰੀਅਸ ਟੀਚਰਜ਼ ਯੂਨੀਅਨ ਪੰਜਾਬ ਵੱਲੋਂ ਮੁੱਖ ਮੰਤਰੀ ਦੀ ਰਿਹਾਇਸ਼ ਵੱਲ ਰੋਸ ਮਾਰਚ ਕੀਤਾ ਗਿਆ। ਪ੍ਰਸ਼ਾਸਨ ਵੱਲੋਂ ਭਾਰੀ ਪੁਲਿਸ ਫੋਰਸ ਲਗਾ ਕੇ ਅਧਿਆਪਕਾਂ ਨੂੰ ਅੱਗੇ ਵਧਣ ਤੋਂ ਰੋਕ ਦਿੱਤਾ ਗਿਆ ਜਿਸ ਤੋਂ ਬਾਅਦ ਅਧਿਆਪਕਾਂ ਨੇ ਸੜਕ 'ਤੇ ਬੈਠ ਕੇ ਆਵਾਜਾਈ ਠੱਪ ਕਰ ਦਿੱਤੀ। ਯੂਨੀਅਨ ਆਗੂਆਂ ਨੇ ਕਿਹਾ ਕਿ ਸਰਕਾਰ ਉਨ੍ਹਾਂ ਨੂੰ ਰੈਗੂਲਰ ਕਰਨ ਦੀ ਮੰਗ ਵੱਲ ਧਿਆਨ ਨਹੀਂ ਦੇ ਰਹੀ।
ਸੰਗਰੂਰ, 30 ਨਵੰਬਰ (ਗੁਰਪ੍ਰੀਤ ਸਿੰਘ ਮਾਨ)- ਆਪਣੀਆਂ ਮੰਗਾਂ ਨੂੰ ਲੈ ਕੇ ਮੈਰੀਟੋਰੀਅਸ ਟੀਚਰਜ਼ ਯੂਨੀਅਨ ਪੰਜਾਬ ਵੱਲੋਂ ਮੁੱਖ ਮੰਤਰੀ ਦੀ ਰਿਹਾਇਸ਼ ਵੱਲ ਰੋਸ ਮਾਰਚ ਕੀਤਾ ਗਿਆ। ਪ੍ਰਸ਼ਾਸਨ ਵੱਲੋਂ ਭਾਰੀ ਪੁਲਿਸ ਫੋਰਸ ਲਗਾ ਕੇ ਅਧਿਆਪਕਾਂ ਨੂੰ ਅੱਗੇ ਵਧਣ ਤੋਂ ਰੋਕ ਦਿੱਤਾ ਗਿਆ ਜਿਸ ਤੋਂ ਬਾਅਦ ਅਧਿਆਪਕਾਂ ਨੇ ਸੜਕ 'ਤੇ ਬੈਠ ਕੇ ਆਵਾਜਾਈ ਠੱਪ ਕਰ ਦਿੱਤੀ। ਯੂਨੀਅਨ ਆਗੂਆਂ ਨੇ ਕਿਹਾ ਕਿ ਸਰਕਾਰ ਉਨ੍ਹਾਂ ਨੂੰ ਰੈਗੂਲਰ ਕਰਨ ਦੀ ਮੰਗ ਵੱਲ ਧਿਆਨ ਨਹੀਂ ਦੇ ਰਹੀ।
ਸਦਾਬਹਾਰ ਨਾਇਕ ਤੇ ਨਿਰਦੇਸ਼ਕ ਸੀ ਦੇਵ ਅਨੰਦ
ਪੰਜਾਬ ਟਾਇਮਜ਼	ਵਿਸ਼ੇਸ਼
ਦੇਵ ਅਨੰਦ ਬਾਲੀਵੁੱਡ ਦੇ ਉਹ ਮਹਾਨ ਅਦਾਕਾਰ ਤੇ ਨਿਰਦੇਸ਼ਕ ਸਨ ਜਿਨ੍ਹਾਂ ਨੇ ਛੇ ਦਹਾਕਿਆਂ ਤੱਕ ਹਿੰਦੀ ਸਿਨੇਮਾ 'ਤੇ ਰਾਜ ਕੀਤਾ। ਉਨ੍ਹਾਂ ਦਾ ਜਨਮ 26 ਸਤੰਬਰ 1923 ਨੂੰ ਜ਼ਿਲ੍ਹਾ ਗੁਰਦਾਸਪੁਰ ਵਿੱਚ ਹੋਇਆ। ਉਨ੍ਹਾਂ ਨੇ 114 ਫ਼ਿਲਮਾਂ ਵਿੱਚ ਕੰਮ ਕੀਤਾ ਅਤੇ 35 ਫ਼ਿਲਮਾਂ ਦਾ ਨਿਰਮਾਣ ਕੀਤਾ। ਗਾਈਡ, ਜਵੈਲ ਥੀਫ਼, ਹਰੇ ਰਾਮਾ ਹਰੇ ਕ੍ਰਿਸ਼ਨਾ, ਤੇਰੇ ਘਰ ਕੇ ਸਾਮਨੇ ਵਰਗੀਆਂ ਫ਼ਿਲਮਾਂ ਨੇ ਉਨ੍ਹਾਂ ਨੂੰ ਅਮਰ ਕਰ ਦਿੱਤਾ। ਭਾਰਤ ਸਰਕਾਰ ਨੇ ਉਨ੍ਹਾਂ ਨੂੰ ਪਦਮ ਭੂਸ਼ਣ ਅਤੇ ਦਾਦਾ ਸਾਹਿਬ ਫਾਲਕੇ ਪੁਰਸਕਾਰ ਨਾਲ ਸਨਮਾਨਿਤ ਕੀਤਾ। 3 ਦਸੰਬਰ 2011 ਨੂੰ ਲੰਡਨ ਵਿੱਚ ਉਨ੍ਹਾਂ ਦਾ ਦੇਹਾਂਤ ਹੋ ਗਿਆ।
3 ਦਸੰਬਰ ਨੂੰ ਬਰਸੀ 'ਤੇ ਵਿਸ਼ੇਸ਼
ਦੇਵ ਅਨੰਦ ਬਾਲੀਵੁੱਡ ਦੇ ਉਹ ਮਹਾਨ ਅਦਾਕਾਰ ਤੇ ਨਿਰਦੇਸ਼ਕ ਸਨ ਜਿਨ੍ਹਾਂ ਨੇ ਛੇ ਦਹਾਕਿਆਂ ਤੱਕ ਹਿੰਦੀ ਸਿਨੇਮਾ 'ਤੇ ਰਾਜ ਕੀਤਾ। ਉਨ੍ਹਾਂ ਦਾ ਜਨਮ 26 ਸਤੰਬਰ 1923 ਨੂੰ ਜ਼ਿਲ੍ਹਾ ਗੁਰਦਾਸਪੁਰ ਵਿੱਚ ਹੋਇਆ। ਉਨ੍ਹਾਂ ਨੇ 114 ਫ਼ਿਲਮਾਂ ਵਿੱਚ ਕੰਮ ਕੀਤਾ ਅਤੇ 35 ਫ਼ਿਲਮਾਂ ਦਾ ਨਿਰਮਾਣ ਕੀਤਾ। ਗਾਈਡ, ਜਵੈਲ ਥੀਫ਼, ਹਰੇ ਰਾਮਾ ਹਰੇ ਕ੍ਰਿਸ਼ਨਾ, ਤੇਰੇ ਘਰ ਕੇ ਸਾਮਨੇ ਵਰਗੀਆਂ ਫ਼ਿਲਮਾਂ ਨੇ ਉਨ੍ਹਾਂ ਨੂੰ ਅਮਰ ਕਰ ਦਿੱਤਾ। ਭਾਰਤ ਸਰਕਾਰ ਨੇ ਉਨ੍ਹਾਂ ਨੂੰ ਪਦਮ ਭੂਸ਼ਣ
ਦੇਵ ਅਨੰਦ ਬਾਲੀਵੁੱਡ ਦੇ ਉਹ ਮਹਾਨ ਅਦਾਕਾਰ ਤੇ ਨਿਰਦੇਸ਼ਕ ਸਨ ਜਿਨ੍ਹਾਂ ਨੇ ਛੇ ਦਹਾਕਿਆਂ ਤੱਕ ਹਿੰਦੀ ਸਿਨੇਮਾ 'ਤੇ ਰਾਜ ਕੀਤਾ। ਉਨ੍ਹਾਂ ਦਾ ਜਨਮ 26 ਸਤੰਬਰ 1923 ਨੂੰ ਜ਼ਿਲ੍ਹਾ ਗੁਰਦਾਸਪੁਰ ਵਿੱਚ ਹੋਇਆ। ਉਨ੍ਹਾਂ ਨੇ 114 ਫ਼ਿਲਮਾਂ ਵਿੱਚ ਕੰਮ ਕੀਤਾ ਅਤੇ 35 ਫ਼ਿਲਮਾਂ ਦਾ ਨਿਰਮਾਣ ਕੀਤਾ। ਗਾਈਡ, ਜਵੈਲ ਥੀਫ਼, ਹਰੇ ਰਾਮਾ ਹਰੇ ਕ੍ਰਿਸ਼ਨਾ, ਤੇਰੇ ਘਰ ਕੇ ਸਾਮਨੇ ਵਰਗੀਆਂ ਫ਼ਿਲਮਾਂ ਨੇ ਉਨ੍ਹਾਂ ਨੂੰ ਅਮਰ ਕਰ ਦਿੱਤਾ। ਭਾਰਤ ਸਰਕਾਰ ਨੇ ਉਨ੍ਹਾਂ ਨੂੰ ਪਦਮ ਭੂਸ਼ਣ ਅਤੇ ਦਾਦਾ ਸਾਹਿਬ ਫਾਲਕੇ ਪੁਰਸਕਾਰ ਨਾਲ ਸਨਮਾਨਿਤ ਕੀਤਾ। 3 ਦਸੰਬਰ 2011 ਨੂੰ ਲੰਡਨ ਵਿੱਚ ਉਨ੍ਹਾਂ ਦਾ ਦੇਹਾਂਤ ਹੋ ਗਿਆ।
ਪ੍ਰੋ. ਪਰਮਜੀਤ ਸਿੰਘ ਨਿੱਕੇ ਘੁੰਮਣ
410, ਚੰਦਰ ਨਗਰ, ਬਟਾਲਾ
ਮੋਬਾ: 97816-46008
